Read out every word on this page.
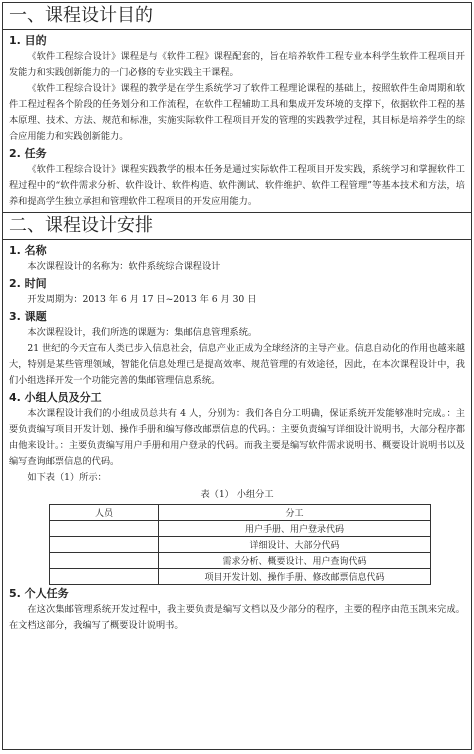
一、课程设计目的
1. 目的

《软件工程综合设计》课程是与《软件工程》课程配套的，旨在培养软件工程专业本科学生软件工程项目开发能力和实践创新能力的一门必修的专业实践主干课程。

《软件工程综合设计》课程的教学是在学生系统学习了软件工程理论课程的基础上，按照软件生命周期和软件工程过程各个阶段的任务划分和工作流程，在软件工程辅助工具和集成开发环境的支撑下，依据软件工程的基本原理、技术、方法、规范和标准，实施实际软件工程项目开发的管理的实践教学过程，其目标是培养学生的综合应用能力和实践创新能力。

2. 任务

《软件工程综合设计》课程实践教学的根本任务是通过实际软件工程项目开发实践，系统学习和掌握软件工程过程中的“软件需求分析、软件设计、软件构造、软件测试、软件维护、软件工程管理”等基本技术和方法，培养和提高学生独立承担和管理软件工程项目的开发应用能力。

二、课程设计安排
1. 名称

本次课程设计的名称为：软件系统综合课程设计

2. 时间

开发周期为：2013 年 6 月 17 日~2013 年 6 月 30 日

3. 课题

本次课程设计，我们所选的课题为：集邮信息管理系统。

21 世纪的今天宣布人类已步入信息社会，信息产业正成为全球经济的主导产业。信息自动化的作用也越来越大，特别是某些管理领域，智能化信息处理已是提高效率、规范管理的有效途径，因此，在本次课程设计中，我们小组选择开发一个功能完善的集邮管理信息系统。

4. 小组人员及分工

本次课程设计我们的小组成员总共有 4 人，分别为：我们各自分工明确，保证系统开发能够准时完成。：主要负责编写项目开发计划、操作手册和编写修改邮票信息的代码。：主要负责编写详细设计说明书，大部分程序都由他来设计。：主要负责编写用户手册和用户登录的代码。而我主要是编写软件需求说明书、概要设计说明书以及编写查询邮票信息的代码。

如下表（1）所示：

表（1） 小组分工
人员	分工
	用户手册、用户登录代码
	详细设计、大部分代码
	需求分析、概要设计、用户查询代码
	项目开发计划、操作手册、修改邮票信息代码
5. 个人任务

在这次集邮管理系统开发过程中，我主要负责是编写文档以及少部分的程序，主要的程序由范玉凯来完成。在文档这部分，我编写了概要设计说明书。
